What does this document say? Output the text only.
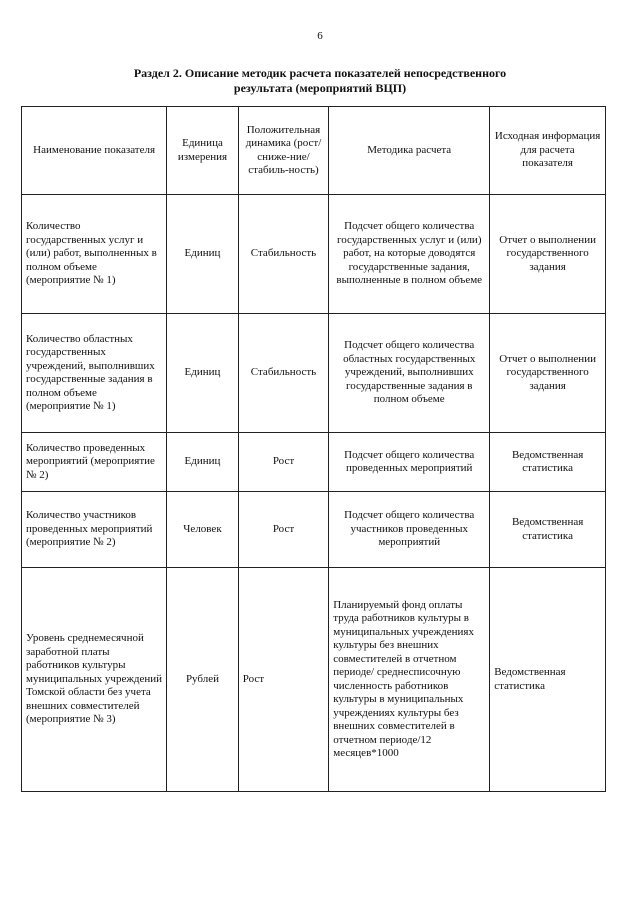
6
Раздел 2. Описание методик расчета показателей непосредственного
результата (мероприятий ВЦП)
Наименование показателя	Единица измерения	Положительная динамика (рост/сниже-ние/стабиль-ность)	Методика расчета	Исходная информация для расчета показателя
Количество государственных услуг и (или) работ, выполненных в полном объеме (мероприятие № 1)	Единиц	Стабильность	Подсчет общего количества государственных услуг и (или) работ, на которые доводятся государственные задания, выполненные в полном объеме	Отчет о выполнении государственного задания
Количество областных государственных учреждений, выполнивших государственные задания в полном объеме (мероприятие № 1)	Единиц	Стабильность	Подсчет общего количества областных государственных учреждений, выполнивших государственные задания в полном объеме	Отчет о выполнении государственного задания
Количество проведенных мероприятий (мероприятие № 2)	Единиц	Рост	Подсчет общего количества проведенных мероприятий	Ведомственная статистика
Количество участников проведенных мероприятий (мероприятие № 2)	Человек	Рост	Подсчет общего количества участников проведенных мероприятий	Ведомственная статистика
Уровень среднемесячной заработной платы работников культуры муниципальных учреждений Томской области без учета внешних совместителей (мероприятие № 3)	Рублей	Рост	Планируемый фонд оплаты труда работников культуры в муниципальных учреждениях культуры без внешних совместителей в отчетном периоде/ среднесписочную численность работников культуры в муниципальных учреждениях культуры без внешних совместителей в отчетном периоде/12 месяцев*1000	Ведомственная статистика
